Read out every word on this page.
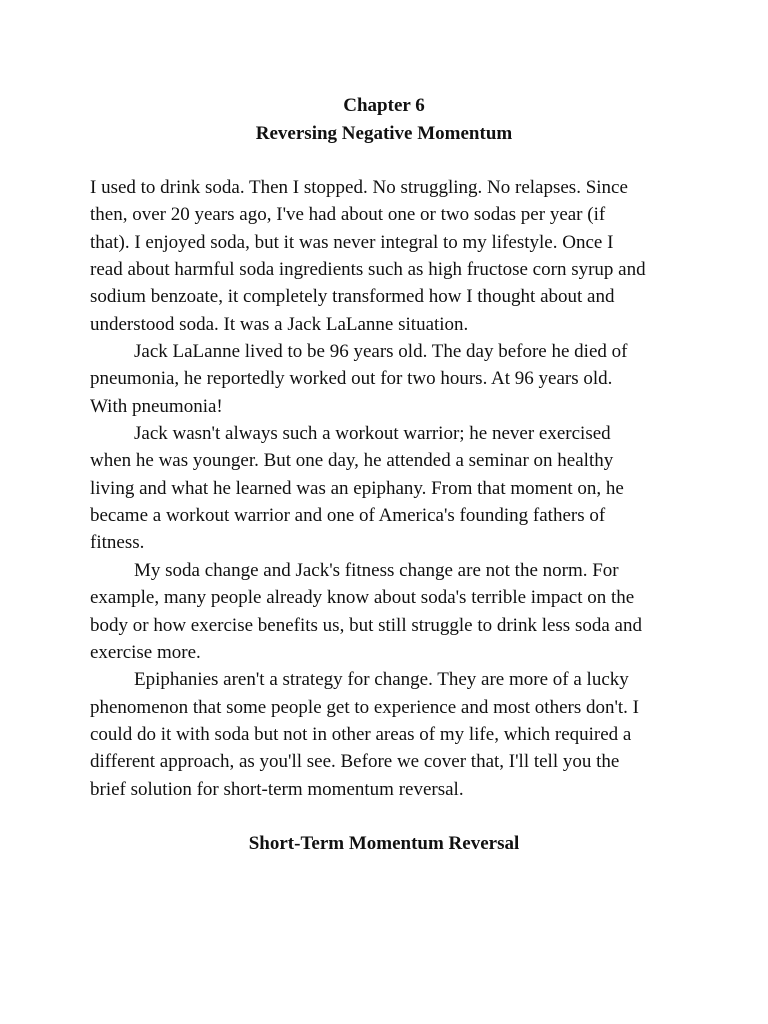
Chapter 6
Reversing Negative Momentum

I used to drink soda. Then I stopped. No struggling. No relapses. Since
then, over 20 years ago, I've had about one or two sodas per year (if
that). I enjoyed soda, but it was never integral to my lifestyle. Once I
read about harmful soda ingredients such as high fructose corn syrup and
sodium benzoate, it completely transformed how I thought about and
understood soda. It was a Jack LaLanne situation.

Jack LaLanne lived to be 96 years old. The day before he died of
pneumonia, he reportedly worked out for two hours. At 96 years old.
With pneumonia!

Jack wasn't always such a workout warrior; he never exercised
when he was younger. But one day, he attended a seminar on healthy
living and what he learned was an epiphany. From that moment on, he
became a workout warrior and one of America's founding fathers of
fitness.

My soda change and Jack's fitness change are not the norm. For
example, many people already know about soda's terrible impact on the
body or how exercise benefits us, but still struggle to drink less soda and
exercise more.

Epiphanies aren't a strategy for change. They are more of a lucky
phenomenon that some people get to experience and most others don't. I
could do it with soda but not in other areas of my life, which required a
different approach, as you'll see. Before we cover that, I'll tell you the
brief solution for short-term momentum reversal.

Short-Term Momentum Reversal
